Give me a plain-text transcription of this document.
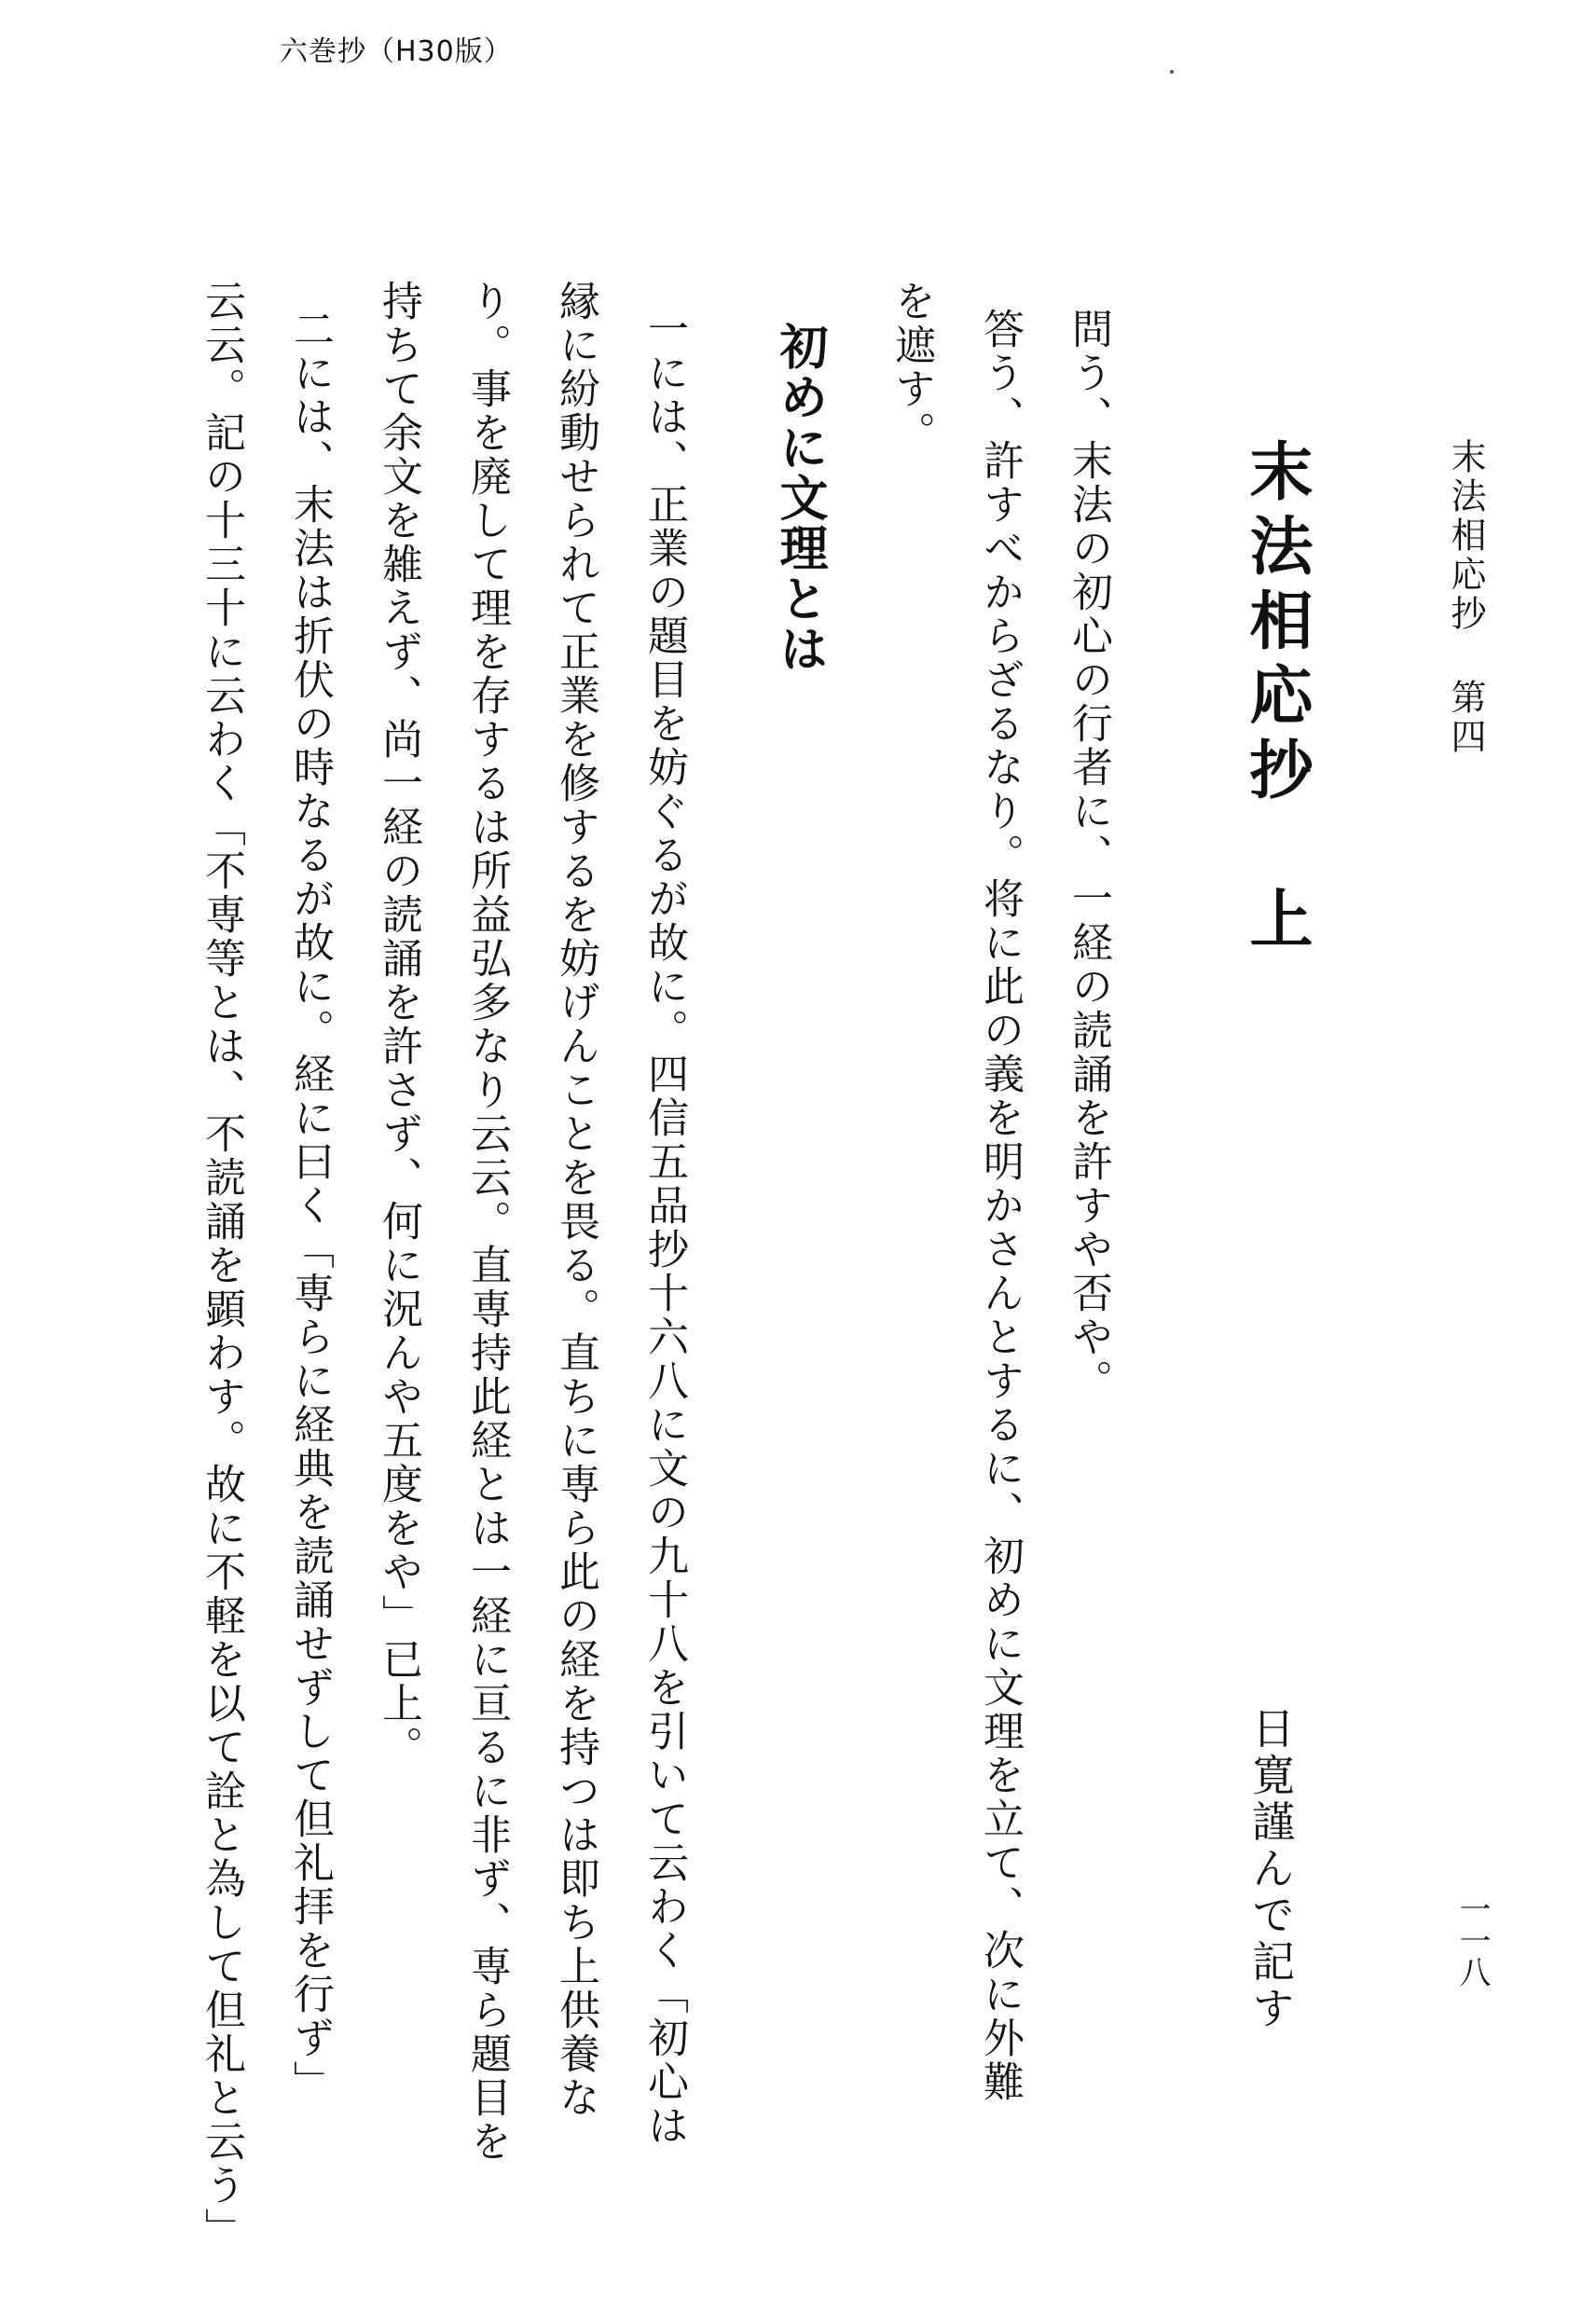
六巻抄（H30版）
末法相応抄 第四
一一八
末法相応抄　上
日寛謹んで記す
問う、末法の初心の行者に、一経の読誦を許すや否や。
答う、許すべからざるなり。将に此の義を明かさんとするに、初めに文理を立て、次に外難
を遮す。
初めに文理とは
一には、正業の題目を妨ぐるが故に。四信五品抄十六八に文の九十八を引いて云わく「初心は
縁に紛動せられて正業を修するを妨げんことを畏る。直ちに専ら此の経を持つは即ち上供養な
り。事を廃して理を存するは所益弘多なり云云。直専持此経とは一経に亘るに非ず、専ら題目を
持ちて余文を雑えず、尚一経の読誦を許さず、何に況んや五度をや」已上。
二には、末法は折伏の時なるが故に。経に曰く「専らに経典を読誦せずして但礼拝を行ず」
云云。記の十三十に云わく「不専等とは、不読誦を顕わす。故に不軽を以て詮と為して但礼と云う」
